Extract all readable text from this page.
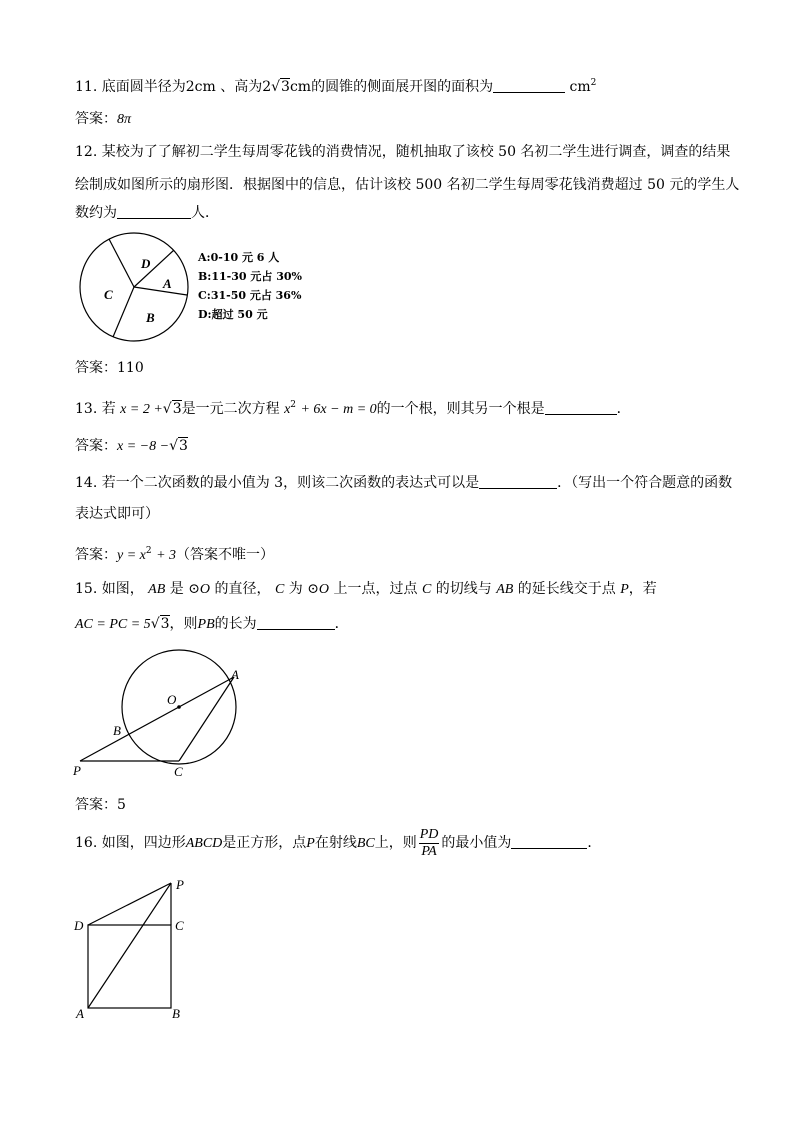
11. 底面圆半径为2cm 、高为2√3cm的圆锥的侧面展开图的面积为	$cm^2$
答案：8π
12. 某校为了了解初二学生每周零花钱的消费情况，随机抽取了该校 50 名初二学生进行调查，调查的结果
绘制成如图所示的扇形图．根据图中的信息，估计该校 500 名初二学生每周零花钱消费超过 50 元的学生人
数约为	人．
D
A
C
B
A:0-10 元 6 人
B:11-30 元占 30%
C:31-50 元占 36%
D:超过 50 元
答案：110
13. 若 x = 2 +√3是一元二次方程 $x^2 + 6x - m = 0$的一个根，则其另一个根是	．
答案：x = −8 −√3
14. 若一个二次函数的最小值为 3，则该二次函数的表达式可以是	．（写出一个符合题意的函数
表达式即可）
答案：$y = x^2 + 3$（答案不唯一）
15. 如图， AB 是 ⊙O 的直径， C 为 ⊙O 上一点，过点 C 的切线与 AB 的延长线交于点 P，若
AC = PC = 5√3，则PB的长为	．
A
O
B
P	C
答案：5
16. 如图，四边形ABCD是正方形，点P在射线BC上，则 $\frac{PD}{PA}$ 的最小值为	．
P
D	C
A	B
